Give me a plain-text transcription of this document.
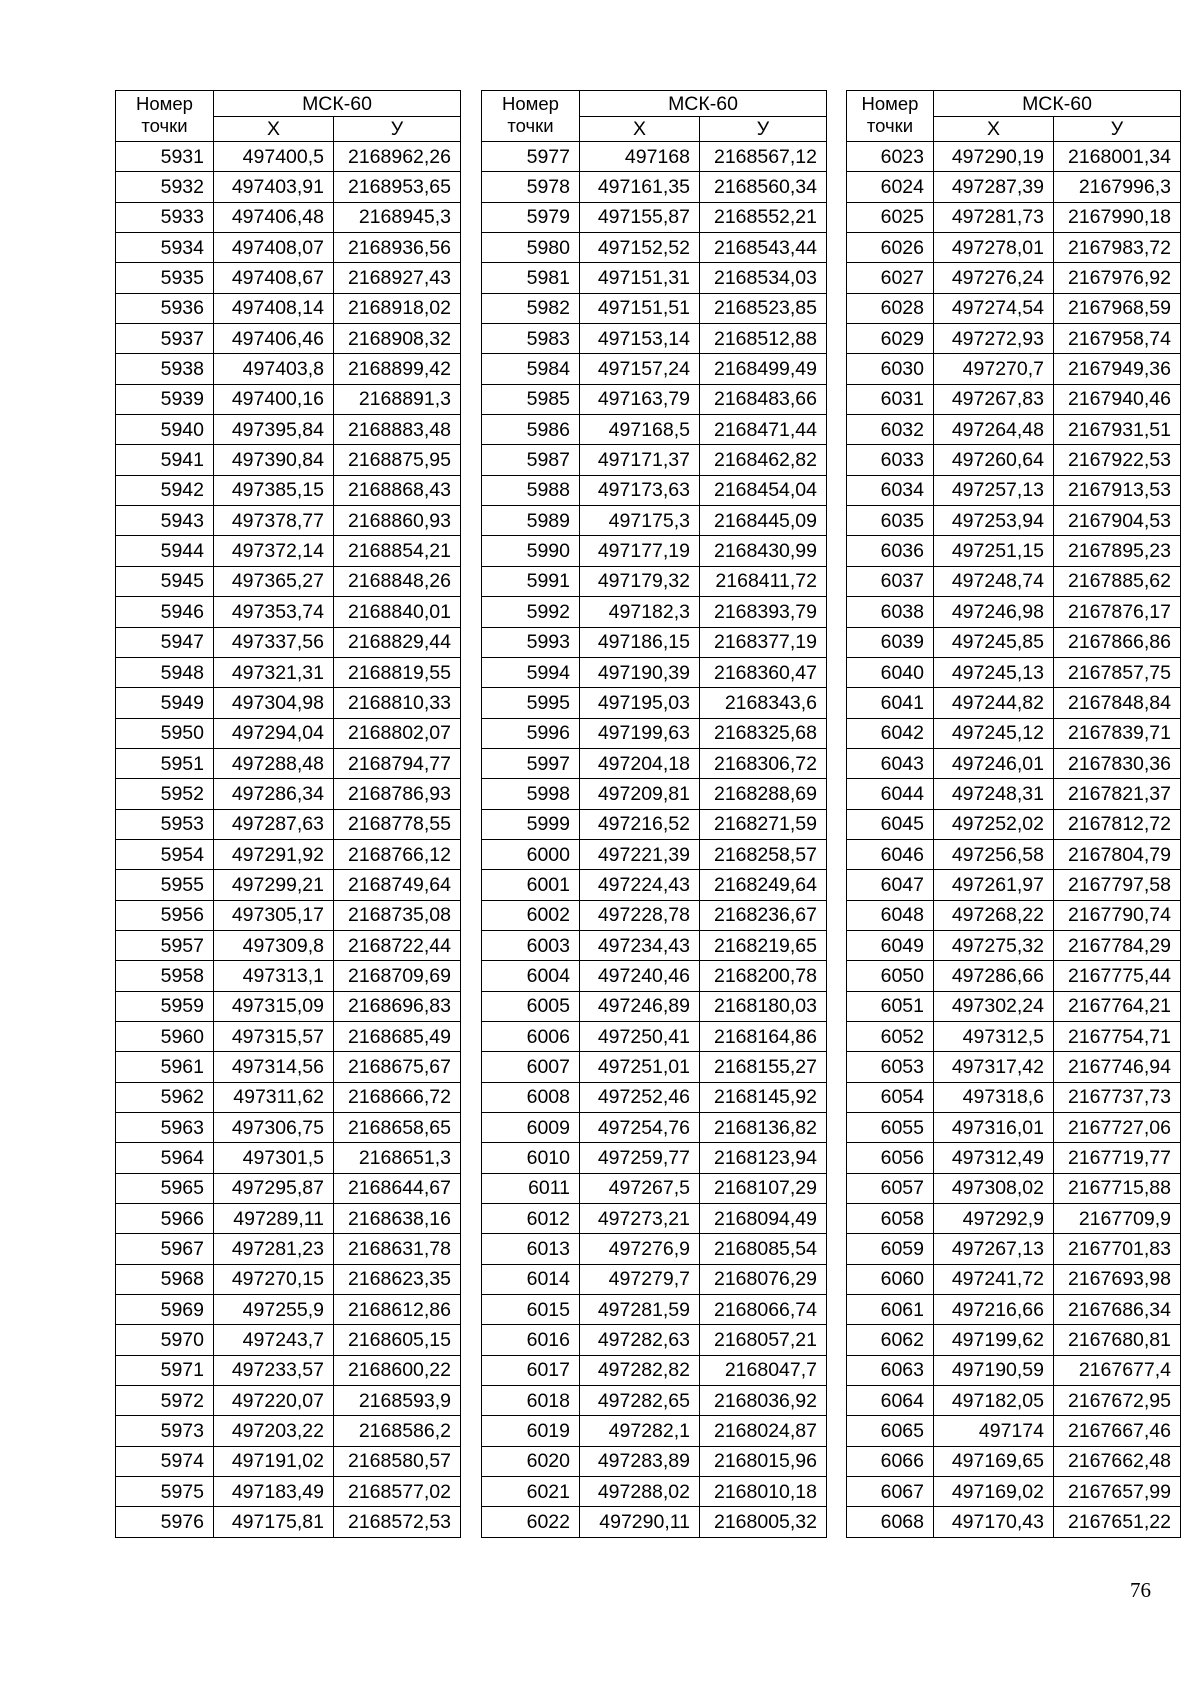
Номер
точки	МСК-60	
	X	У
5931	497400,5	2168962,26
5932	497403,91	2168953,65
5933	497406,48	2168945,3
5934	497408,07	2168936,56
5935	497408,67	2168927,43
5936	497408,14	2168918,02
5937	497406,46	2168908,32
5938	497403,8	2168899,42
5939	497400,16	2168891,3
5940	497395,84	2168883,48
5941	497390,84	2168875,95
5942	497385,15	2168868,43
5943	497378,77	2168860,93
5944	497372,14	2168854,21
5945	497365,27	2168848,26
5946	497353,74	2168840,01
5947	497337,56	2168829,44
5948	497321,31	2168819,55
5949	497304,98	2168810,33
5950	497294,04	2168802,07
5951	497288,48	2168794,77
5952	497286,34	2168786,93
5953	497287,63	2168778,55
5954	497291,92	2168766,12
5955	497299,21	2168749,64
5956	497305,17	2168735,08
5957	497309,8	2168722,44
5958	497313,1	2168709,69
5959	497315,09	2168696,83
5960	497315,57	2168685,49
5961	497314,56	2168675,67
5962	497311,62	2168666,72
5963	497306,75	2168658,65
5964	497301,5	2168651,3
5965	497295,87	2168644,67
5966	497289,11	2168638,16
5967	497281,23	2168631,78
5968	497270,15	2168623,35
5969	497255,9	2168612,86
5970	497243,7	2168605,15
5971	497233,57	2168600,22
5972	497220,07	2168593,9
5973	497203,22	2168586,2
5974	497191,02	2168580,57
5975	497183,49	2168577,02
5976	497175,81	2168572,53
Номер
точки	МСК-60	
	X	У
5977	497168	2168567,12
5978	497161,35	2168560,34
5979	497155,87	2168552,21
5980	497152,52	2168543,44
5981	497151,31	2168534,03
5982	497151,51	2168523,85
5983	497153,14	2168512,88
5984	497157,24	2168499,49
5985	497163,79	2168483,66
5986	497168,5	2168471,44
5987	497171,37	2168462,82
5988	497173,63	2168454,04
5989	497175,3	2168445,09
5990	497177,19	2168430,99
5991	497179,32	2168411,72
5992	497182,3	2168393,79
5993	497186,15	2168377,19
5994	497190,39	2168360,47
5995	497195,03	2168343,6
5996	497199,63	2168325,68
5997	497204,18	2168306,72
5998	497209,81	2168288,69
5999	497216,52	2168271,59
6000	497221,39	2168258,57
6001	497224,43	2168249,64
6002	497228,78	2168236,67
6003	497234,43	2168219,65
6004	497240,46	2168200,78
6005	497246,89	2168180,03
6006	497250,41	2168164,86
6007	497251,01	2168155,27
6008	497252,46	2168145,92
6009	497254,76	2168136,82
6010	497259,77	2168123,94
6011	497267,5	2168107,29
6012	497273,21	2168094,49
6013	497276,9	2168085,54
6014	497279,7	2168076,29
6015	497281,59	2168066,74
6016	497282,63	2168057,21
6017	497282,82	2168047,7
6018	497282,65	2168036,92
6019	497282,1	2168024,87
6020	497283,89	2168015,96
6021	497288,02	2168010,18
6022	497290,11	2168005,32
Номер
точки	МСК-60	
	X	У
6023	497290,19	2168001,34
6024	497287,39	2167996,3
6025	497281,73	2167990,18
6026	497278,01	2167983,72
6027	497276,24	2167976,92
6028	497274,54	2167968,59
6029	497272,93	2167958,74
6030	497270,7	2167949,36
6031	497267,83	2167940,46
6032	497264,48	2167931,51
6033	497260,64	2167922,53
6034	497257,13	2167913,53
6035	497253,94	2167904,53
6036	497251,15	2167895,23
6037	497248,74	2167885,62
6038	497246,98	2167876,17
6039	497245,85	2167866,86
6040	497245,13	2167857,75
6041	497244,82	2167848,84
6042	497245,12	2167839,71
6043	497246,01	2167830,36
6044	497248,31	2167821,37
6045	497252,02	2167812,72
6046	497256,58	2167804,79
6047	497261,97	2167797,58
6048	497268,22	2167790,74
6049	497275,32	2167784,29
6050	497286,66	2167775,44
6051	497302,24	2167764,21
6052	497312,5	2167754,71
6053	497317,42	2167746,94
6054	497318,6	2167737,73
6055	497316,01	2167727,06
6056	497312,49	2167719,77
6057	497308,02	2167715,88
6058	497292,9	2167709,9
6059	497267,13	2167701,83
6060	497241,72	2167693,98
6061	497216,66	2167686,34
6062	497199,62	2167680,81
6063	497190,59	2167677,4
6064	497182,05	2167672,95
6065	497174	2167667,46
6066	497169,65	2167662,48
6067	497169,02	2167657,99
6068	497170,43	2167651,22
76
